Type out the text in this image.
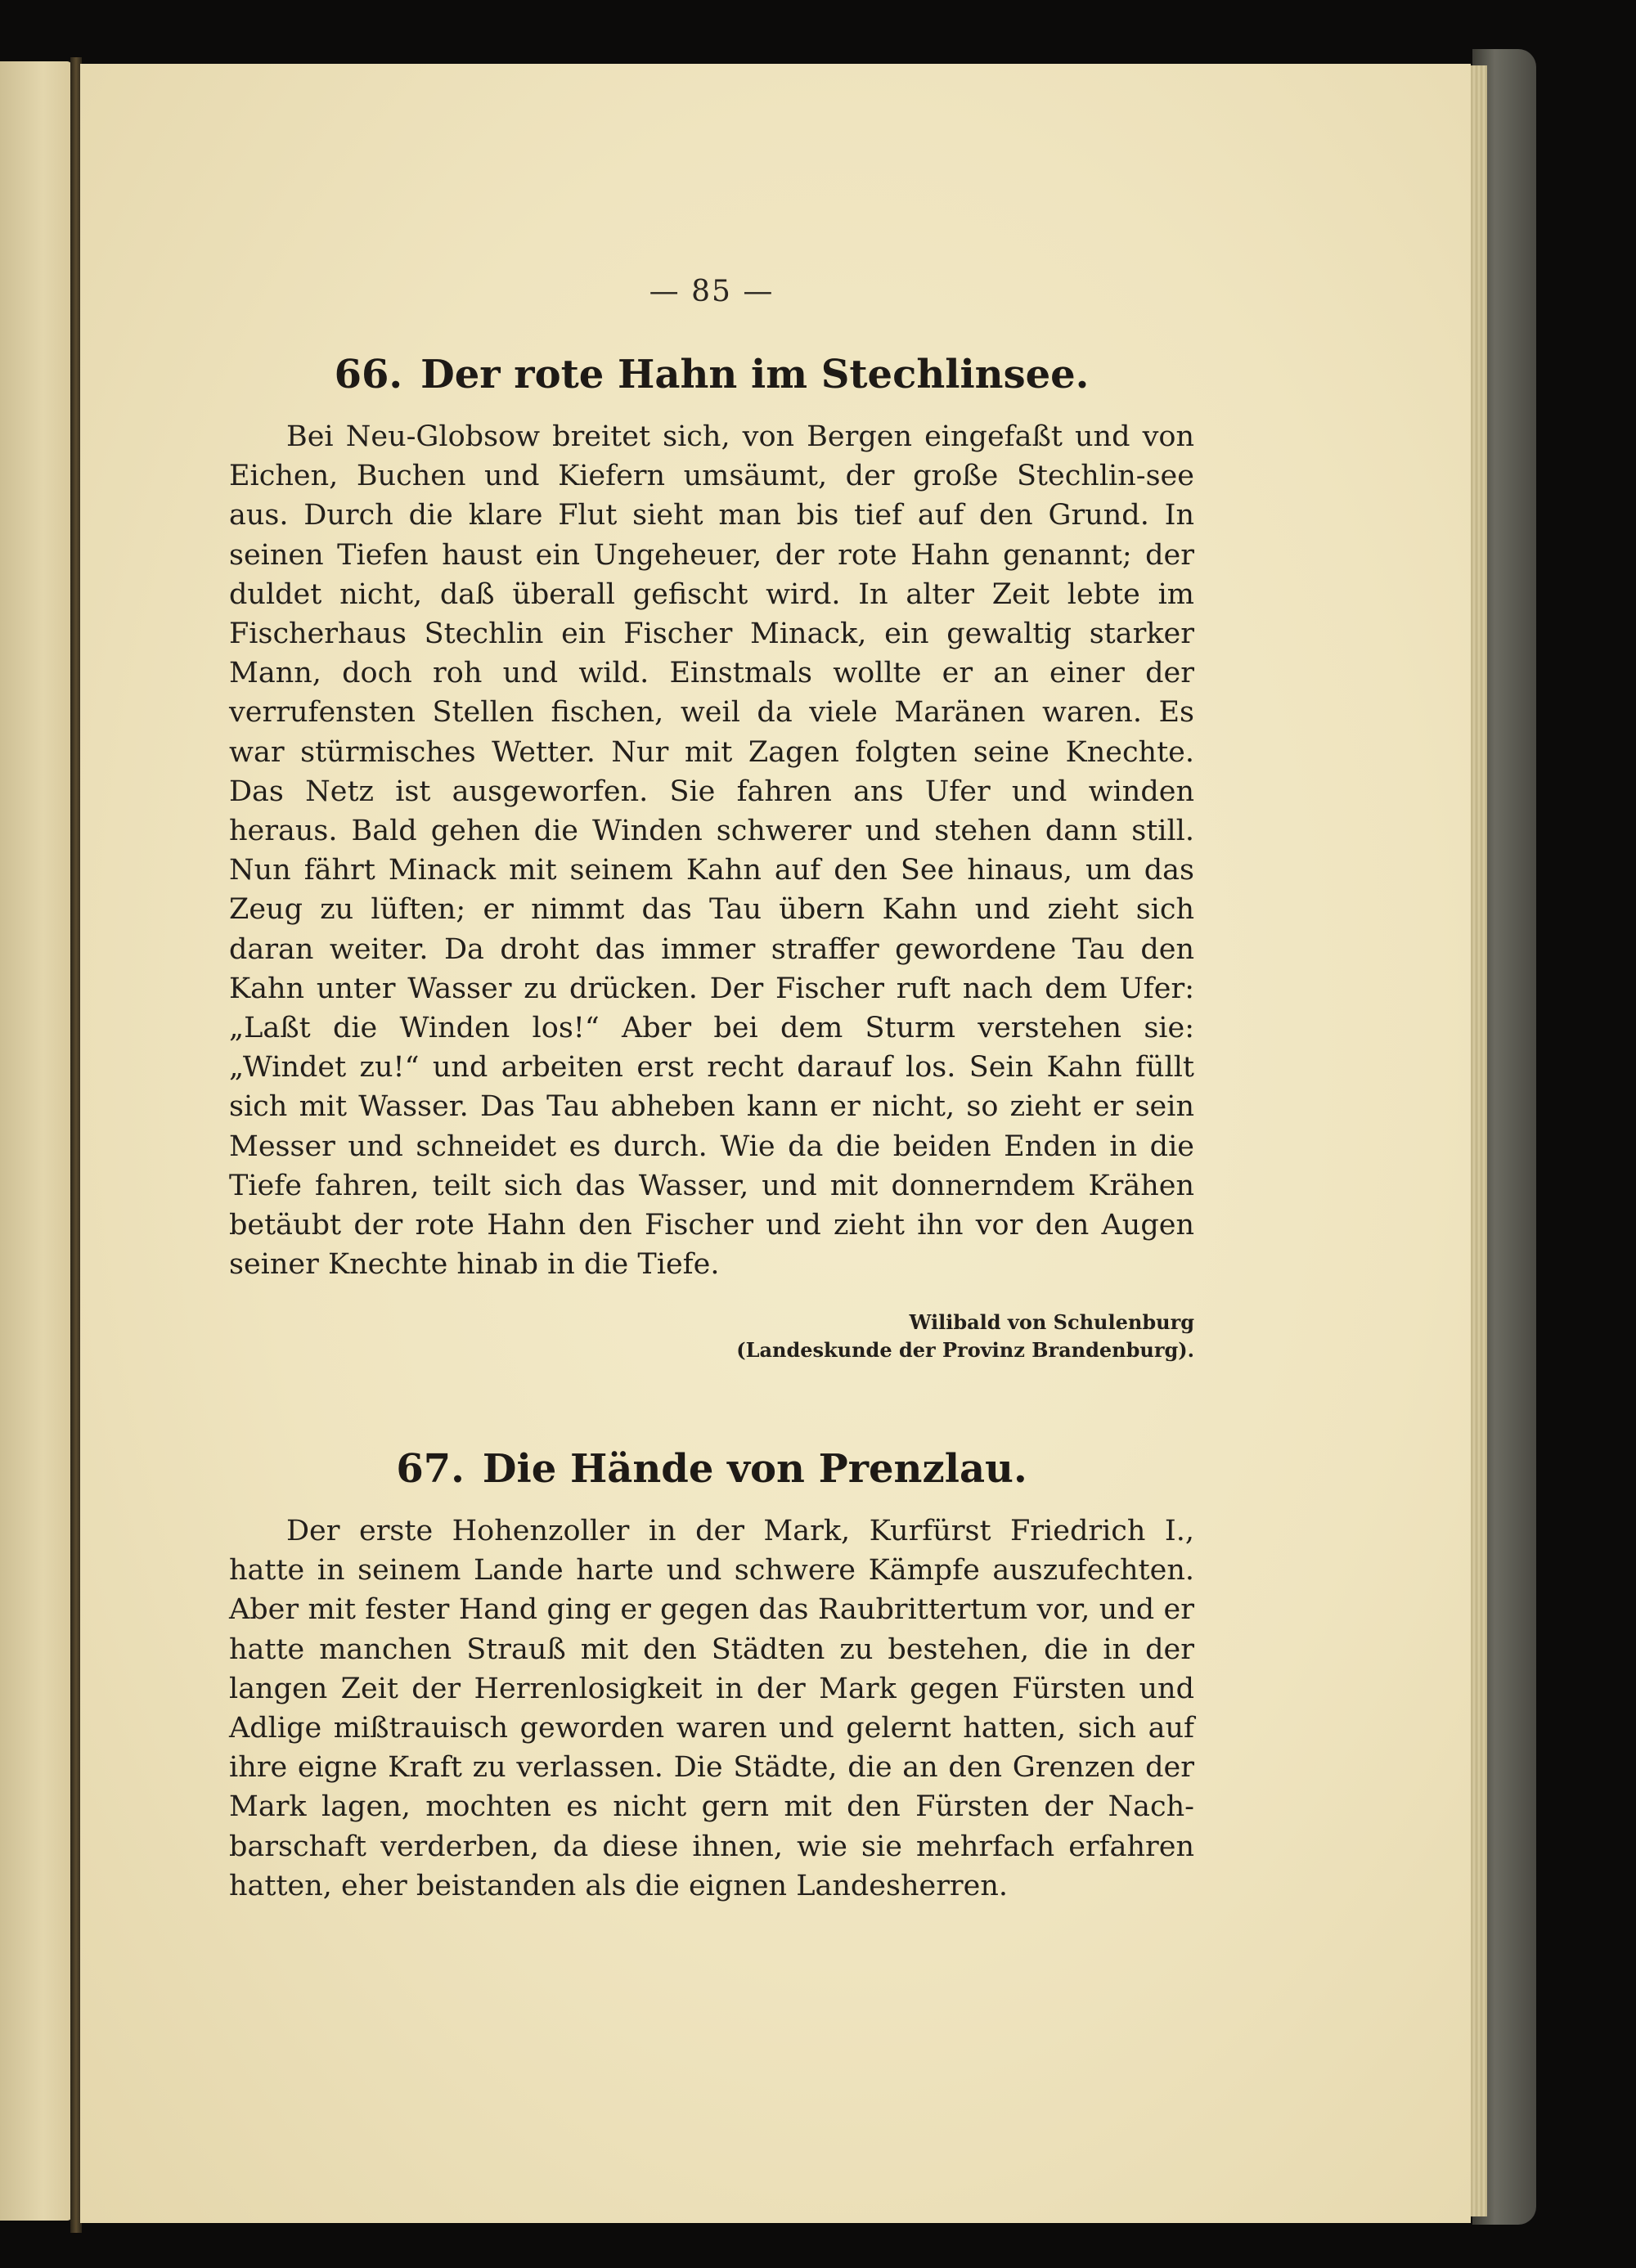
— 85 —
66. Der rote Hahn im Stechlinsee.
Bei Neu-Globsow breitet sich, von Bergen eingefaßt und von Eichen, Buchen und Kiefern umsäumt, der große Stechlin-see aus. Durch die klare Flut sieht man bis tief auf den Grund. In seinen Tiefen haust ein Ungeheuer, der rote Hahn genannt; der duldet nicht, daß überall gefischt wird. In alter Zeit lebte im Fischerhaus Stechlin ein Fischer Minack, ein gewaltig starker Mann, doch roh und wild. Einstmals wollte er an einer der verrufensten Stellen fischen, weil da viele Maränen waren. Es war stürmisches Wetter. Nur mit Zagen folgten seine Knechte. Das Netz ist ausgeworfen. Sie fahren ans Ufer und winden heraus. Bald gehen die Winden schwerer und stehen dann still. Nun fährt Minack mit seinem Kahn auf den See hinaus, um das Zeug zu lüften; er nimmt das Tau übern Kahn und zieht sich daran weiter. Da droht das immer straffer gewordene Tau den Kahn unter Wasser zu drücken. Der Fischer ruft nach dem Ufer: „Laßt die Winden los!“ Aber bei dem Sturm verstehen sie: „Windet zu!“ und arbeiten erst recht darauf los. Sein Kahn füllt sich mit Wasser. Das Tau abheben kann er nicht, so zieht er sein Messer und schneidet es durch. Wie da die beiden Enden in die Tiefe fahren, teilt sich das Wasser, und mit donnerndem Krähen betäubt der rote Hahn den Fischer und zieht ihn vor den Augen seiner Knechte hinab in die Tiefe.
Wilibald von Schulenburg
(Landeskunde der Provinz Brandenburg).
67. Die Hände von Prenzlau.
Der erste Hohenzoller in der Mark, Kurfürst Friedrich I., hatte in seinem Lande harte und schwere Kämpfe auszufechten. Aber mit fester Hand ging er gegen das Raubrittertum vor, und er hatte manchen Strauß mit den Städten zu bestehen, die in der langen Zeit der Herrenlosigkeit in der Mark gegen Fürsten und Adlige mißtrauisch geworden waren und gelernt hatten, sich auf ihre eigne Kraft zu verlassen. Die Städte, die an den Grenzen der Mark lagen, mochten es nicht gern mit den Fürsten der Nach-barschaft verderben, da diese ihnen, wie sie mehrfach erfahren hatten, eher beistanden als die eignen Landesherren.
